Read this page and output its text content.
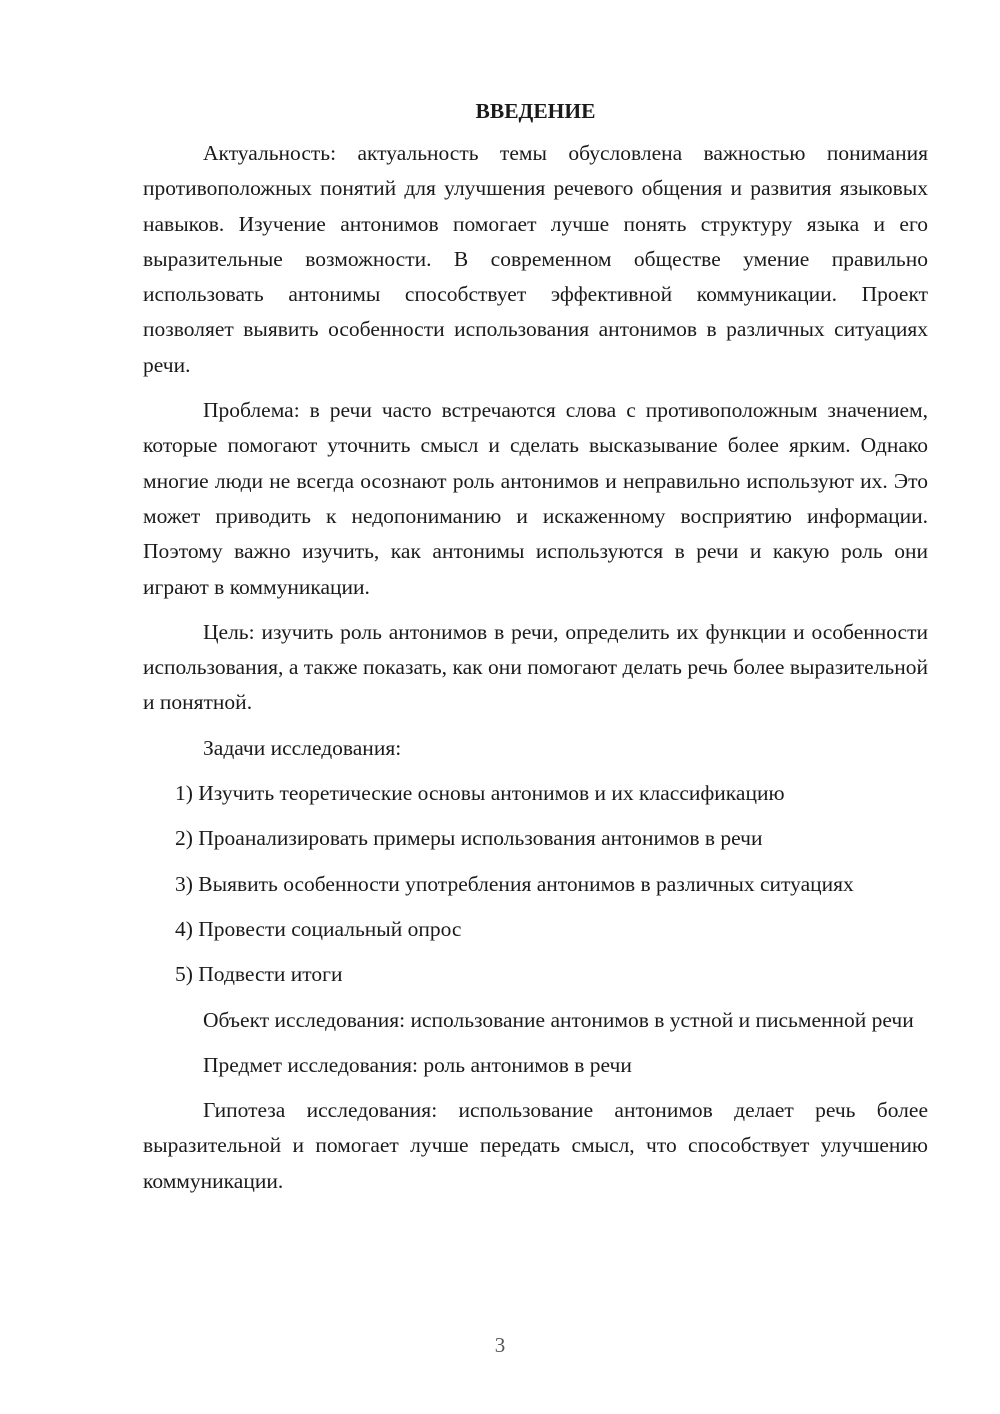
ВВЕДЕНИЕ

Актуальность: актуальность темы обусловлена важностью понимания противоположных понятий для улучшения речевого общения и развития языковых навыков. Изучение антонимов помогает лучше понять структуру языка и его выразительные возможности. В современном обществе умение правильно использовать антонимы способствует эффективной коммуникации. Проект позволяет выявить особенности использования антонимов в различных ситуациях речи.

Проблема: в речи часто встречаются слова с противоположным значением, которые помогают уточнить смысл и сделать высказывание более ярким. Однако многие люди не всегда осознают роль антонимов и неправильно используют их. Это может приводить к недопониманию и искаженному восприятию информации. Поэтому важно изучить, как антонимы используются в речи и какую роль они играют в коммуникации.

Цель: изучить роль антонимов в речи, определить их функции и особенности использования, а также показать, как они помогают делать речь более выразительной и понятной.

Задачи исследования:

1) Изучить теоретические основы антонимов и их классификацию

2) Проанализировать примеры использования антонимов в речи

3) Выявить особенности употребления антонимов в различных ситуациях

4) Провести социальный опрос

5) Подвести итоги

Объект исследования: использование антонимов в устной и письменной речи

Предмет исследования: роль антонимов в речи

Гипотеза исследования: использование антонимов делает речь более выразительной и помогает лучше передать смысл, что способствует улучшению коммуникации.

3
